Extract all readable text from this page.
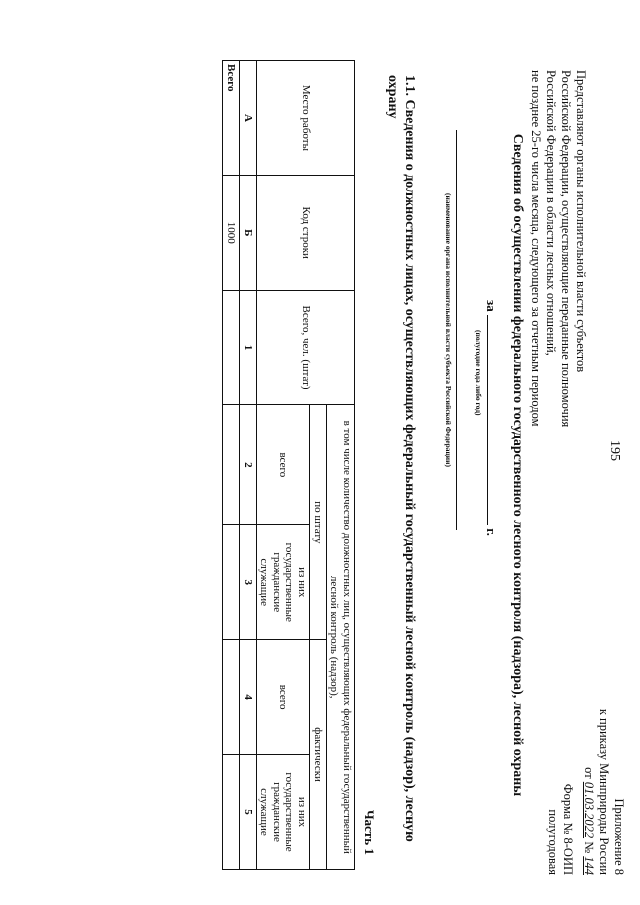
195
Приложение 8
к приказу Минприроды России
от 01.03.2022 № 144
Форма № 8-ОИП
полугодовая
Представляют органы исполнительной власти субъектов
Российской Федерации, осуществляющие переданные полномочия
Российской Федерации в области лесных отношений,
не позднее 25-го числа месяца, следующего за отчетным периодом
Сведения об осуществлении федерального государственного лесного контроля (надзора), лесной охраны
за  г.
(полугодие года либо год)
(наименование органа исполнительной власти субъекта Российской Федерации)
1.1. Сведения о должностных лицах, осуществляющих федеральный государственный лесной контроль (надзор), лесную охрану
Часть 1
Место работы	Код строки	Всего, чел. (штат)	в том числе количество должностных лиц, осуществляющих федеральный государственный лесной контроль (надзор),			
			по штату		фактически	
			всего	из них государственные гражданские служащие	всего	из них государственные гражданские служащие
А	Б	1	2	3	4	5
Всего	1000					
